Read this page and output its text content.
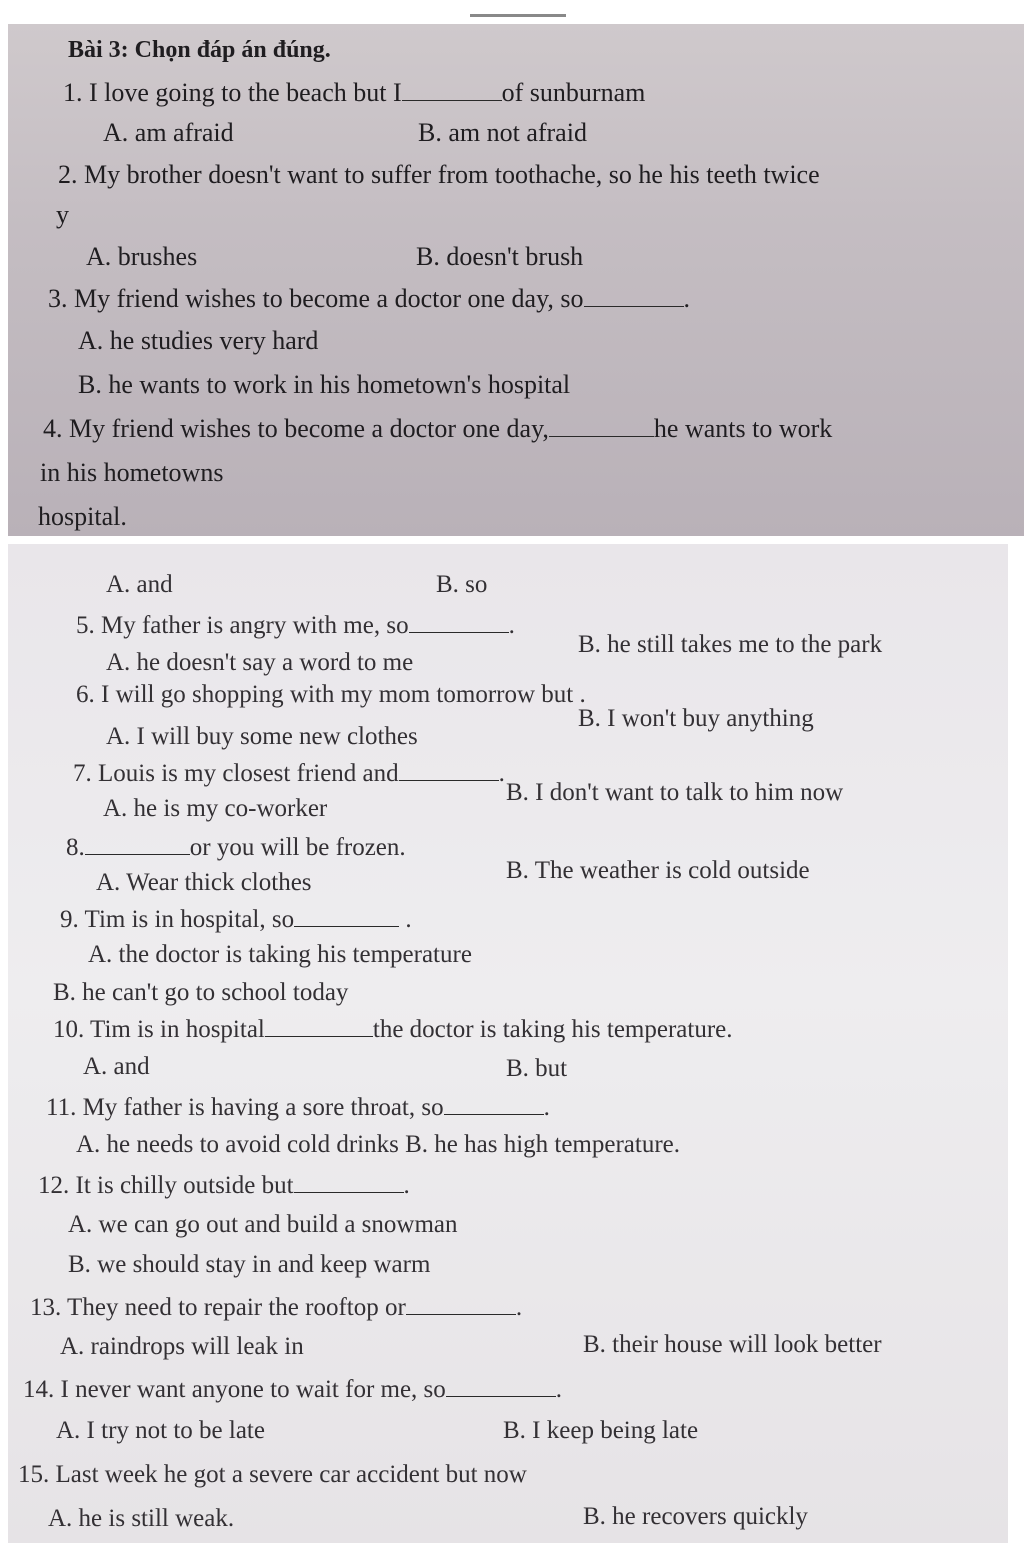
Bài 3: Chọn đáp án đúng.
1. I love going to the beach but I	of sunburnam
A. am afraid	B. am not afraid
2. My brother doesn't want to suffer from toothache, so he his teeth twice
y
A. brushes	B. doesn't brush
3. My friend wishes to become a doctor one day, so	.
A. he studies very hard
B. he wants to work in his hometown's hospital
4. My friend wishes to become a doctor one day,	he wants to work
in his hometowns
hospital.
A. and	B. so
5. My father is angry with me, so	.
A. he doesn't say a word to me
B. he still takes me to the park
6. I will go shopping with my mom tomorrow but .
A. I will buy some new clothes
B. I won't buy anything
7. Louis is my closest friend and	.
A. he is my co-worker
B. I don't want to talk to him now
8.	or you will be frozen.
A. Wear thick clothes	B. The weather is cold outside
9. Tim is in hospital, so	.
A. the doctor is taking his temperature
B. he can't go to school today
10. Tim is in hospital	the doctor is taking his temperature.
A. and	B. but
11. My father is having a sore throat, so	.
A. he needs to avoid cold drinks B. he has high temperature.
12. It is chilly outside but	.
A. we can go out and build a snowman
B. we should stay in and keep warm
13. They need to repair the rooftop or	.
A. raindrops will leak in	B. their house will look better
14. I never want anyone to wait for me, so	.
A. I try not to be late	B. I keep being late
15. Last week he got a severe car accident but now
A. he is still weak.	B. he recovers quickly
